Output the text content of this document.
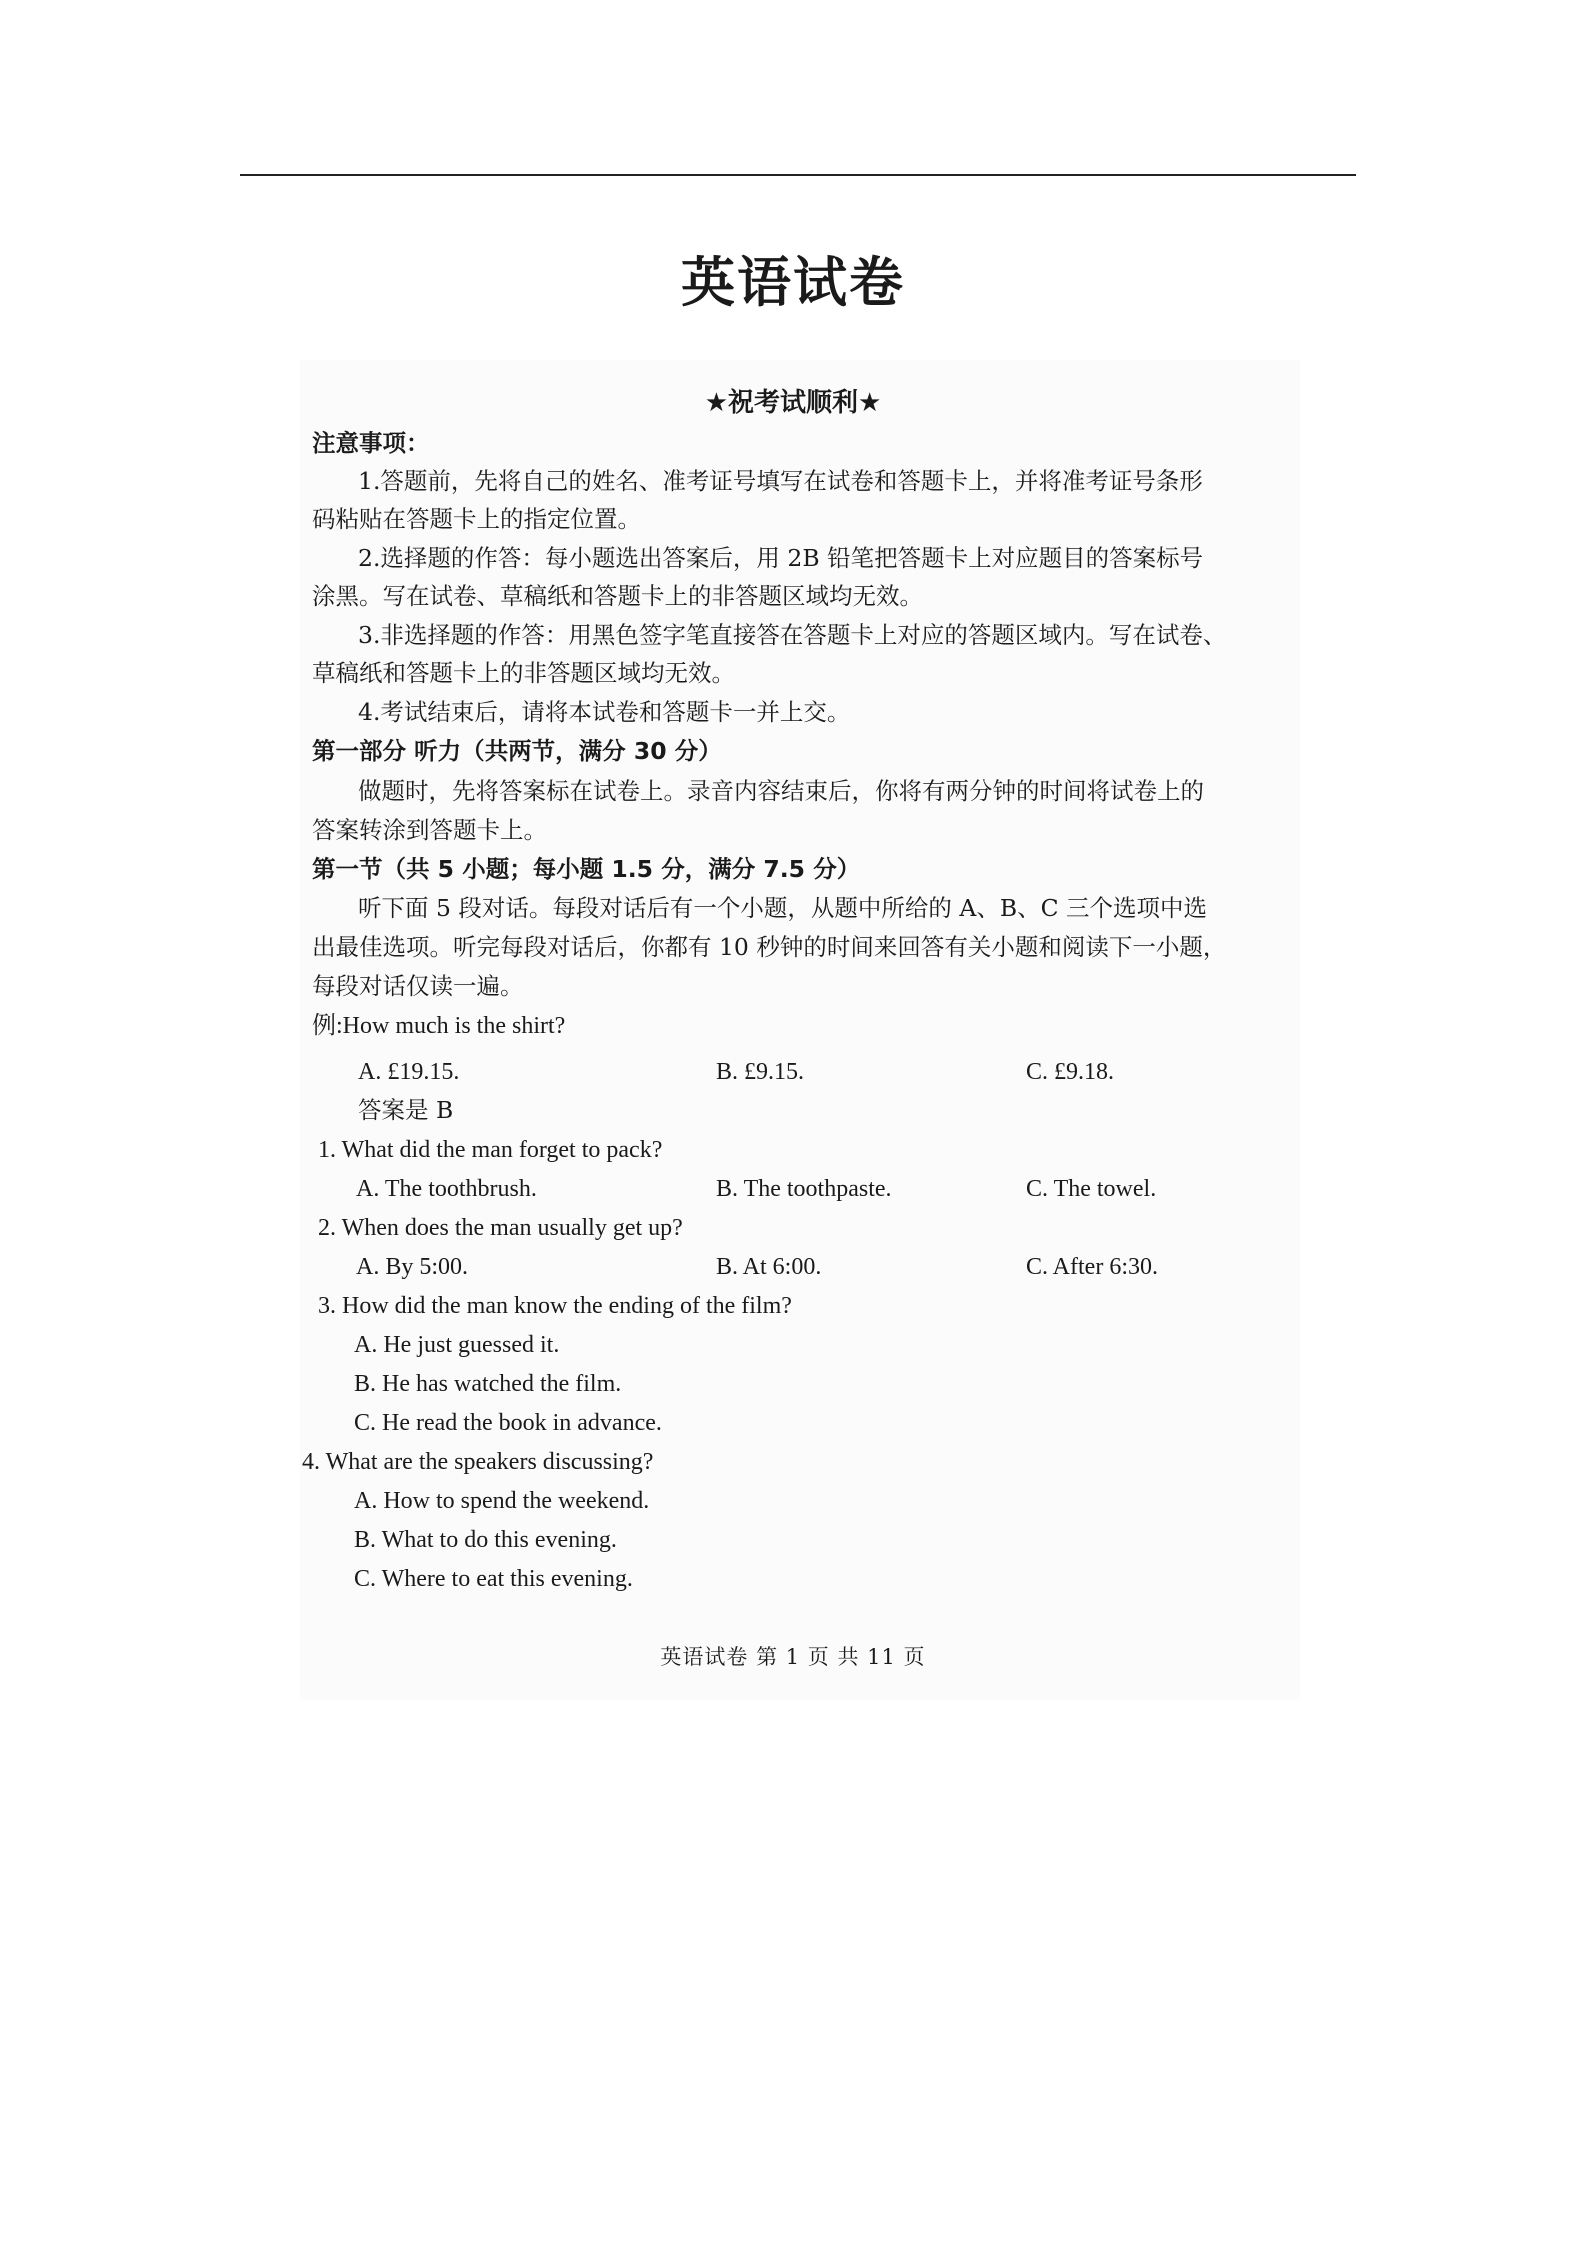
英语试卷
★祝考试顺利★
注意事项：
1.答题前，先将自己的姓名、准考证号填写在试卷和答题卡上，并将准考证号条形
码粘贴在答题卡上的指定位置。
2.选择题的作答：每小题选出答案后，用 2B 铅笔把答题卡上对应题目的答案标号
涂黑。写在试卷、草稿纸和答题卡上的非答题区域均无效。
3.非选择题的作答：用黑色签字笔直接答在答题卡上对应的答题区域内。写在试卷、
草稿纸和答题卡上的非答题区域均无效。
4.考试结束后，请将本试卷和答题卡一并上交。
第一部分 听力（共两节，满分 30 分）
做题时，先将答案标在试卷上。录音内容结束后，你将有两分钟的时间将试卷上的
答案转涂到答题卡上。
第一节（共 5 小题；每小题 1.5 分，满分 7.5 分）
听下面 5 段对话。每段对话后有一个小题，从题中所给的 A、B、C 三个选项中选
出最佳选项。听完每段对话后，你都有 10 秒钟的时间来回答有关小题和阅读下一小题，
每段对话仅读一遍。
例:How much is the shirt?
A. £19.15.	B. £9.15.	C. £9.18.
答案是 B
1. What did the man forget to pack?
A. The toothbrush.	B. The toothpaste.	C. The towel.
2. When does the man usually get up?
A. By 5:00.	B. At 6:00.	C. After 6:30.
3. How did the man know the ending of the film?
A. He just guessed it.
B. He has watched the film.
C. He read the book in advance.
4. What are the speakers discussing?
A. How to spend the weekend.
B. What to do this evening.
C. Where to eat this evening.
英语试卷 第 1 页 共 11 页
